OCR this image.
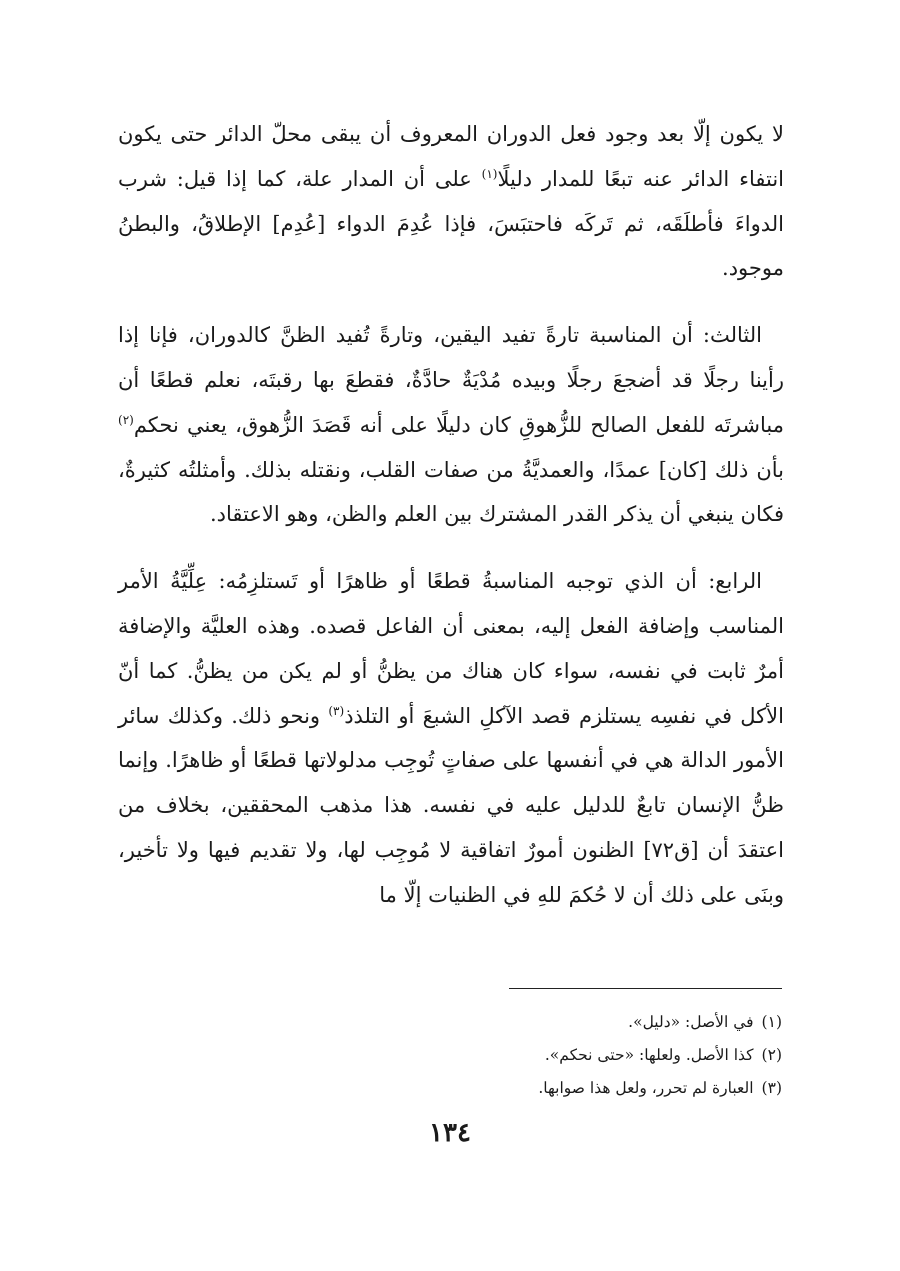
لا يكون إلّا بعد وجود فعل الدوران المعروف أن يبقى محلّ الدائر حتى يكون انتفاء الدائر عنه تبعًا للمدار دليلًا$^{(١)}$ على أن المدار علة، كما إذا قيل: شرب الدواءَ فأطلَقَه، ثم تَركَه فاحتبَسَ، فإذا عُدِمَ الدواء [عُدِم] الإطلاقُ، والبطنُ موجود.

الثالث: أن المناسبة تارةً تفيد اليقين، وتارةً تُفيد الظنَّ كالدوران، فإنا إذا رأينا رجلًا قد أضجعَ رجلًا وبيده مُدْيَةٌ حادَّةٌ، فقطعَ بها رقبتَه، نعلم قطعًا أن مباشرتَه للفعل الصالح للزُّهوقِ كان دليلًا على أنه قَصَدَ الزُّهوق، يعني نحكم$^{(٢)}$ بأن ذلك [كان] عمدًا، والعمديَّةُ من صفات القلب، ونقتله بذلك. وأمثلتُه كثيرةٌ، فكان ينبغي أن يذكر القدر المشترك بين العلم والظن، وهو الاعتقاد.

الرابع: أن الذي توجبه المناسبةُ قطعًا أو ظاهرًا أو تَستلزِمُه: عِلِّيَّةُ الأمر المناسب وإضافة الفعل إليه، بمعنى أن الفاعل قصده. وهذه العليَّة والإضافة أمرٌ ثابت في نفسه، سواء كان هناك من يظنُّ أو لم يكن من يظنُّ. كما أنّ الأكل في نفسِه يستلزم قصد الآكلِ الشبعَ أو التلذذ$^{(٣)}$ ونحو ذلك. وكذلك سائر الأمور الدالة هي في أنفسها على صفاتٍ تُوجِب مدلولاتها قطعًا أو ظاهرًا. وإنما ظنُّ الإنسان تابعٌ للدليل عليه في نفسه. هذا مذهب المحققين، بخلاف من اعتقدَ أن [ق٧٢] الظنون أمورٌ اتفاقية لا مُوجِب لها، ولا تقديم فيها ولا تأخير، وبنَى على ذلك أن لا حُكمَ للهِ في الظنيات إلّا ما

(١)في الأصل: «دليل».
(٢)كذا الأصل. ولعلها: «حتى نحكم».
(٣)العبارة لم تحرر، ولعل هذا صوابها.
١٣٤
